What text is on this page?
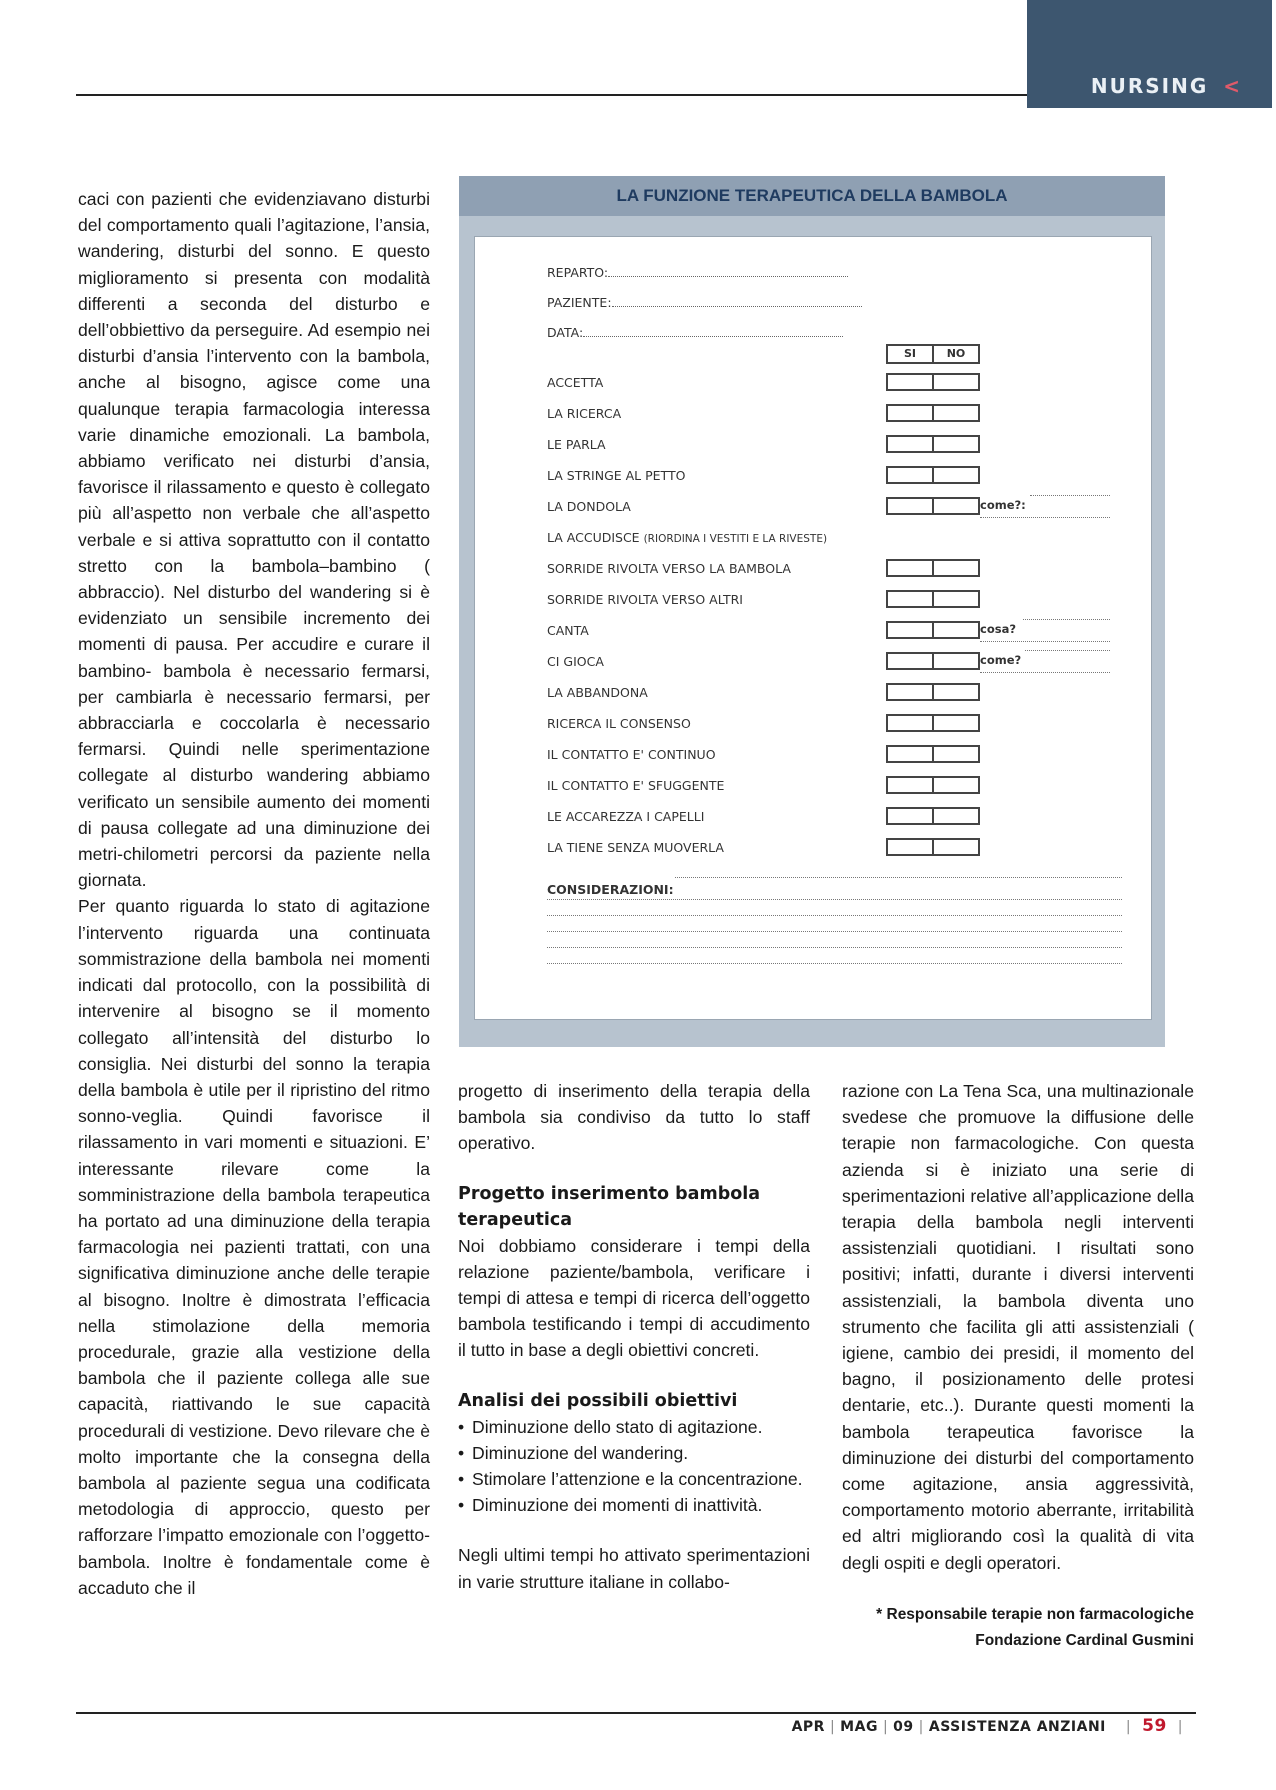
NURSING <

caci con pazienti che evidenziavano disturbi del comportamento quali l’agitazione, l’ansia, wandering, disturbi del sonno. E questo miglioramento si presenta con modalità differenti a seconda del disturbo e dell’obbiettivo da perseguire. Ad esempio nei disturbi d’ansia l’intervento con la bambola, anche al bisogno, agisce come una qualunque terapia farmacologia interessa varie dinamiche emozionali. La bambola, abbiamo verificato nei disturbi d’ansia, favorisce il rilassamento e questo è collegato più all’aspetto non verbale che all’aspetto verbale e si attiva soprattutto con il contatto stretto con la bambola–bambino ( abbraccio). Nel disturbo del wandering si è evidenziato un sensibile incremento dei momenti di pausa. Per accudire e curare il bambino- bambola è necessario fermarsi, per cambiarla è necessario fermarsi, per abbracciarla e coccolarla è necessario fermarsi. Quindi nelle sperimentazione collegate al disturbo wandering abbiamo verificato un sensibile aumento dei momenti di pausa collegate ad una diminuzione dei metri-chilometri percorsi da paziente nella giornata.

Per quanto riguarda lo stato di agitazione l’intervento riguarda una continuata sommistrazione della bambola nei momenti indicati dal protocollo, con la possibilità di intervenire al bisogno se il momento collegato all’intensità del disturbo lo consiglia. Nei disturbi del sonno la terapia della bambola è utile per il ripristino del ritmo sonno-veglia. Quindi favorisce il rilassamento in vari momenti e situazioni. E’ interessante rilevare come la somministrazione della bambola terapeutica ha portato ad una diminuzione della terapia farmacologia nei pazienti trattati, con una significativa diminuzione anche delle terapie al bisogno. Inoltre è dimostrata l’efficacia nella stimolazione della memoria procedurale, grazie alla vestizione della bambola che il paziente collega alle sue capacità, riattivando le sue capacità procedurali di vestizione. Devo rilevare che è molto importante che la consegna della bambola al paziente segua una codificata metodologia di approccio, questo per rafforzare l’impatto emozionale con l’oggetto- bambola. Inoltre è fondamentale come è accaduto che il

LA FUNZIONE TERAPEUTICA DELLA BAMBOLA
REPARTO:
PAZIENTE:
DATA:
SI	NO
ACCETTA
LA RICERCA
LE PARLA
LA STRINGE AL PETTO
LA DONDOLA	come?:
LA ACCUDISCE (RIORDINA I VESTITI E LA RIVESTE)
SORRIDE RIVOLTA VERSO LA BAMBOLA
SORRIDE RIVOLTA VERSO ALTRI
CANTA	cosa?
CI GIOCA	come?
LA ABBANDONA
RICERCA IL CONSENSO
IL CONTATTO E' CONTINUO
IL CONTATTO E' SFUGGENTE
LE ACCAREZZA I CAPELLI
LA TIENE SENZA MUOVERLA
CONSIDERAZIONI:

progetto di inserimento della terapia della bambola sia condiviso da tutto lo staff operativo.

Progetto inserimento bambola terapeutica

Noi dobbiamo considerare i tempi della relazione paziente/bambola, verificare i tempi di attesa e tempi di ricerca dell’oggetto bambola testificando i tempi di accudimento il tutto in base a degli obiettivi concreti.

Analisi dei possibili obiettivi
• Diminuzione dello stato di agitazione.
• Diminuzione del wandering.
• Stimolare l’attenzione e la concentrazione.
• Diminuzione dei momenti di inattività.

Negli ultimi tempi ho attivato sperimentazioni in varie strutture italiane in collabo-

razione con La Tena Sca, una multinazionale svedese che promuove la diffusione delle terapie non farmacologiche. Con questa azienda si è iniziato una serie di sperimentazioni relative all’applicazione della terapia della bambola negli interventi assistenziali quotidiani. I risultati sono positivi; infatti, durante i diversi interventi assistenziali, la bambola diventa uno strumento che facilita gli atti assistenziali ( igiene, cambio dei presidi, il momento del bagno, il posizionamento delle protesi dentarie, etc..). Durante questi momenti la bambola terapeutica favorisce la diminuzione dei disturbi del comportamento come agitazione, ansia aggressività, comportamento motorio aberrante, irritabilità ed altri migliorando così la qualità di vita degli ospiti e degli operatori.

* Responsabile terapie non farmacologiche
Fondazione Cardinal Gusmini
APR | MAG | 09 | ASSISTENZA ANZIANI | 59 |
